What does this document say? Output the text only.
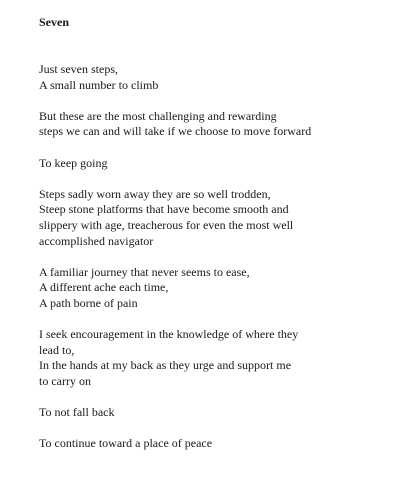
Seven
Just seven steps,
A small number to climb
But these are the most challenging and rewarding
steps we can and will take if we choose to move forward
To keep going
Steps sadly worn away they are so well trodden,
Steep stone platforms that have become smooth and
slippery with age, treacherous for even the most well
accomplished navigator
A familiar journey that never seems to ease,
A different ache each time,
A path borne of pain
I seek encouragement in the knowledge of where they
lead to,
In the hands at my back as they urge and support me
to carry on
To not fall back
To continue toward a place of peace
